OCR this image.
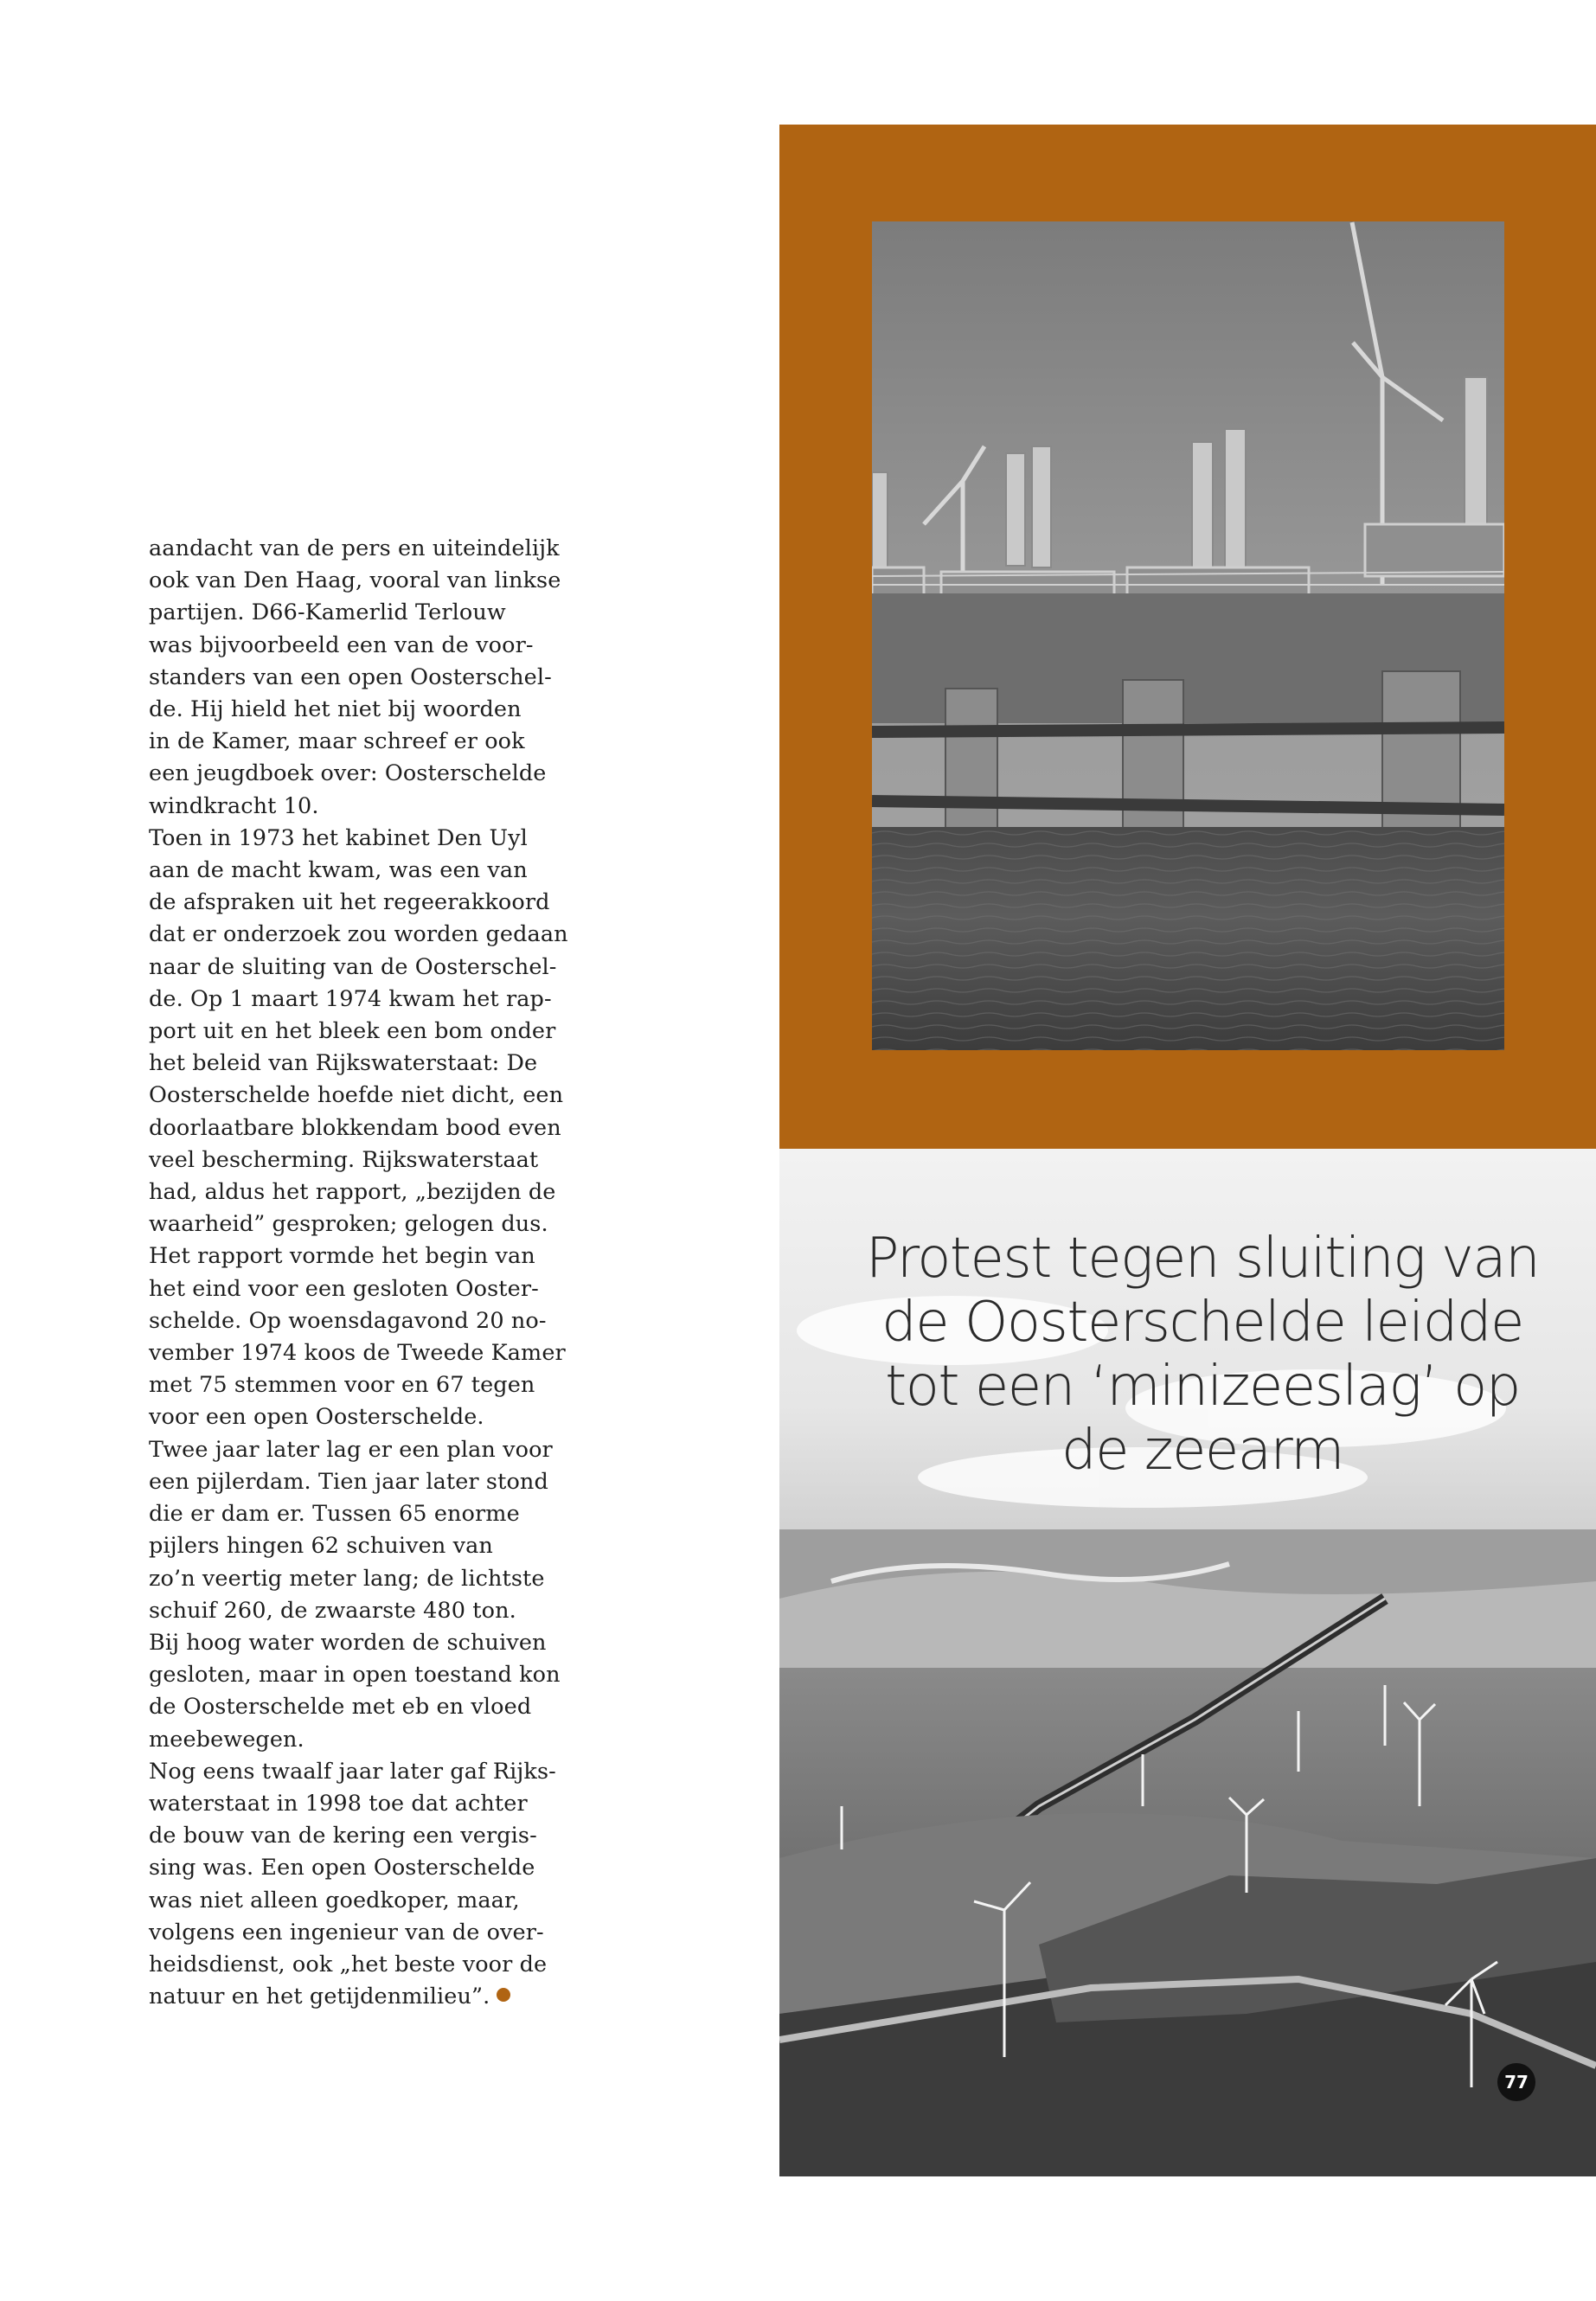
aandacht van de pers en uiteindelijk
ook van Den Haag, vooral van linkse
partijen. D66-Kamerlid Terlouw
was bijvoorbeeld een van de voor-
standers van een open Oosterschel-
de. Hij hield het niet bij woorden
in de Kamer, maar schreef er ook
een jeugdboek over: Oosterschelde
windkracht 10.
Toen in 1973 het kabinet Den Uyl
aan de macht kwam, was een van
de afspraken uit het regeerakkoord
dat er onderzoek zou worden gedaan
naar de sluiting van de Oosterschel-
de. Op 1 maart 1974 kwam het rap-
port uit en het bleek een bom onder
het beleid van Rijkswaterstaat: De
Oosterschelde hoefde niet dicht, een
doorlaatbare blokkendam bood even
veel bescherming. Rijkswaterstaat
had, aldus het rapport, „bezijden de
waarheid” gesproken; gelogen dus.
Het rapport vormde het begin van
het eind voor een gesloten Ooster-
schelde. Op woensdagavond 20 no-
vember 1974 koos de Tweede Kamer
met 75 stemmen voor en 67 tegen
voor een open Oosterschelde.
Twee jaar later lag er een plan voor
een pijlerdam. Tien jaar later stond
die er dam er. Tussen 65 enorme
pijlers hingen 62 schuiven van
zo’n veertig meter lang; de lichtste
schuif 260, de zwaarste 480 ton.
Bij hoog water worden de schuiven
gesloten, maar in open toestand kon
de Oosterschelde met eb en vloed
meebewegen.
Nog eens twaalf jaar later gaf Rijks-
waterstaat in 1998 toe dat achter
de bouw van de kering een vergis-
sing was. Een open Oosterschelde
was niet alleen goedkoper, maar,
volgens een ingenieur van de over-
heidsdienst, ook „het beste voor de
natuur en het getijdenmilieu”.
Protest tegen sluiting van
de Oosterschelde leidde
tot een ‘minizeeslag’ op
de zeearm
77
